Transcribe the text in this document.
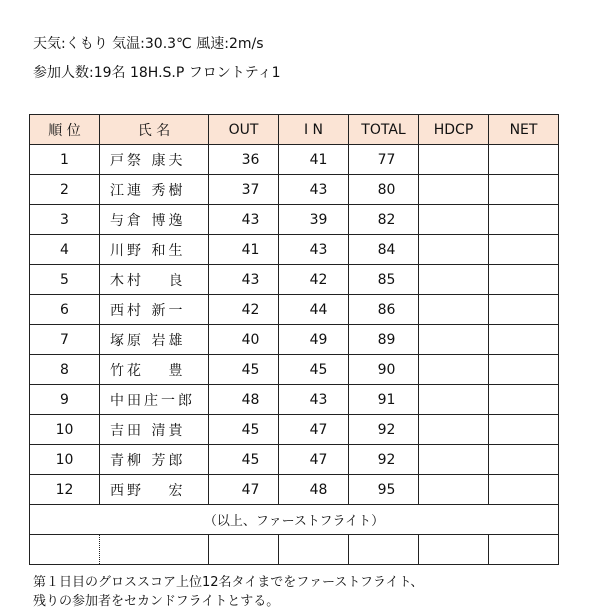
天気:くもり 気温:30.3℃ 風速:2m/s
参加人数:19名 18H.S.P フロントティ1
順 位	氏 名	OUT	I N	TOTAL	HDCP	NET
1	戸祭 康夫	36	41	77		
2	江連 秀樹	37	43	80		
3	与倉 博逸	43	39	82		
4	川野 和生	41	43	84		
5	木村　 良	43	42	85		
6	西村 新一	42	44	86		
7	塚原 岩雄	40	49	89		
8	竹花　 豊	45	45	90		
9	中田庄一郎	48	43	91		
10	吉田 清貴	45	47	92		
10	青柳 芳郎	45	47	92		
12	西野　 宏	47	48	95		
（以上、ファーストフライト）						

第１日目のグロススコア上位12名タイまでをファーストフライト、
残りの参加者をセカンドフライトとする。
